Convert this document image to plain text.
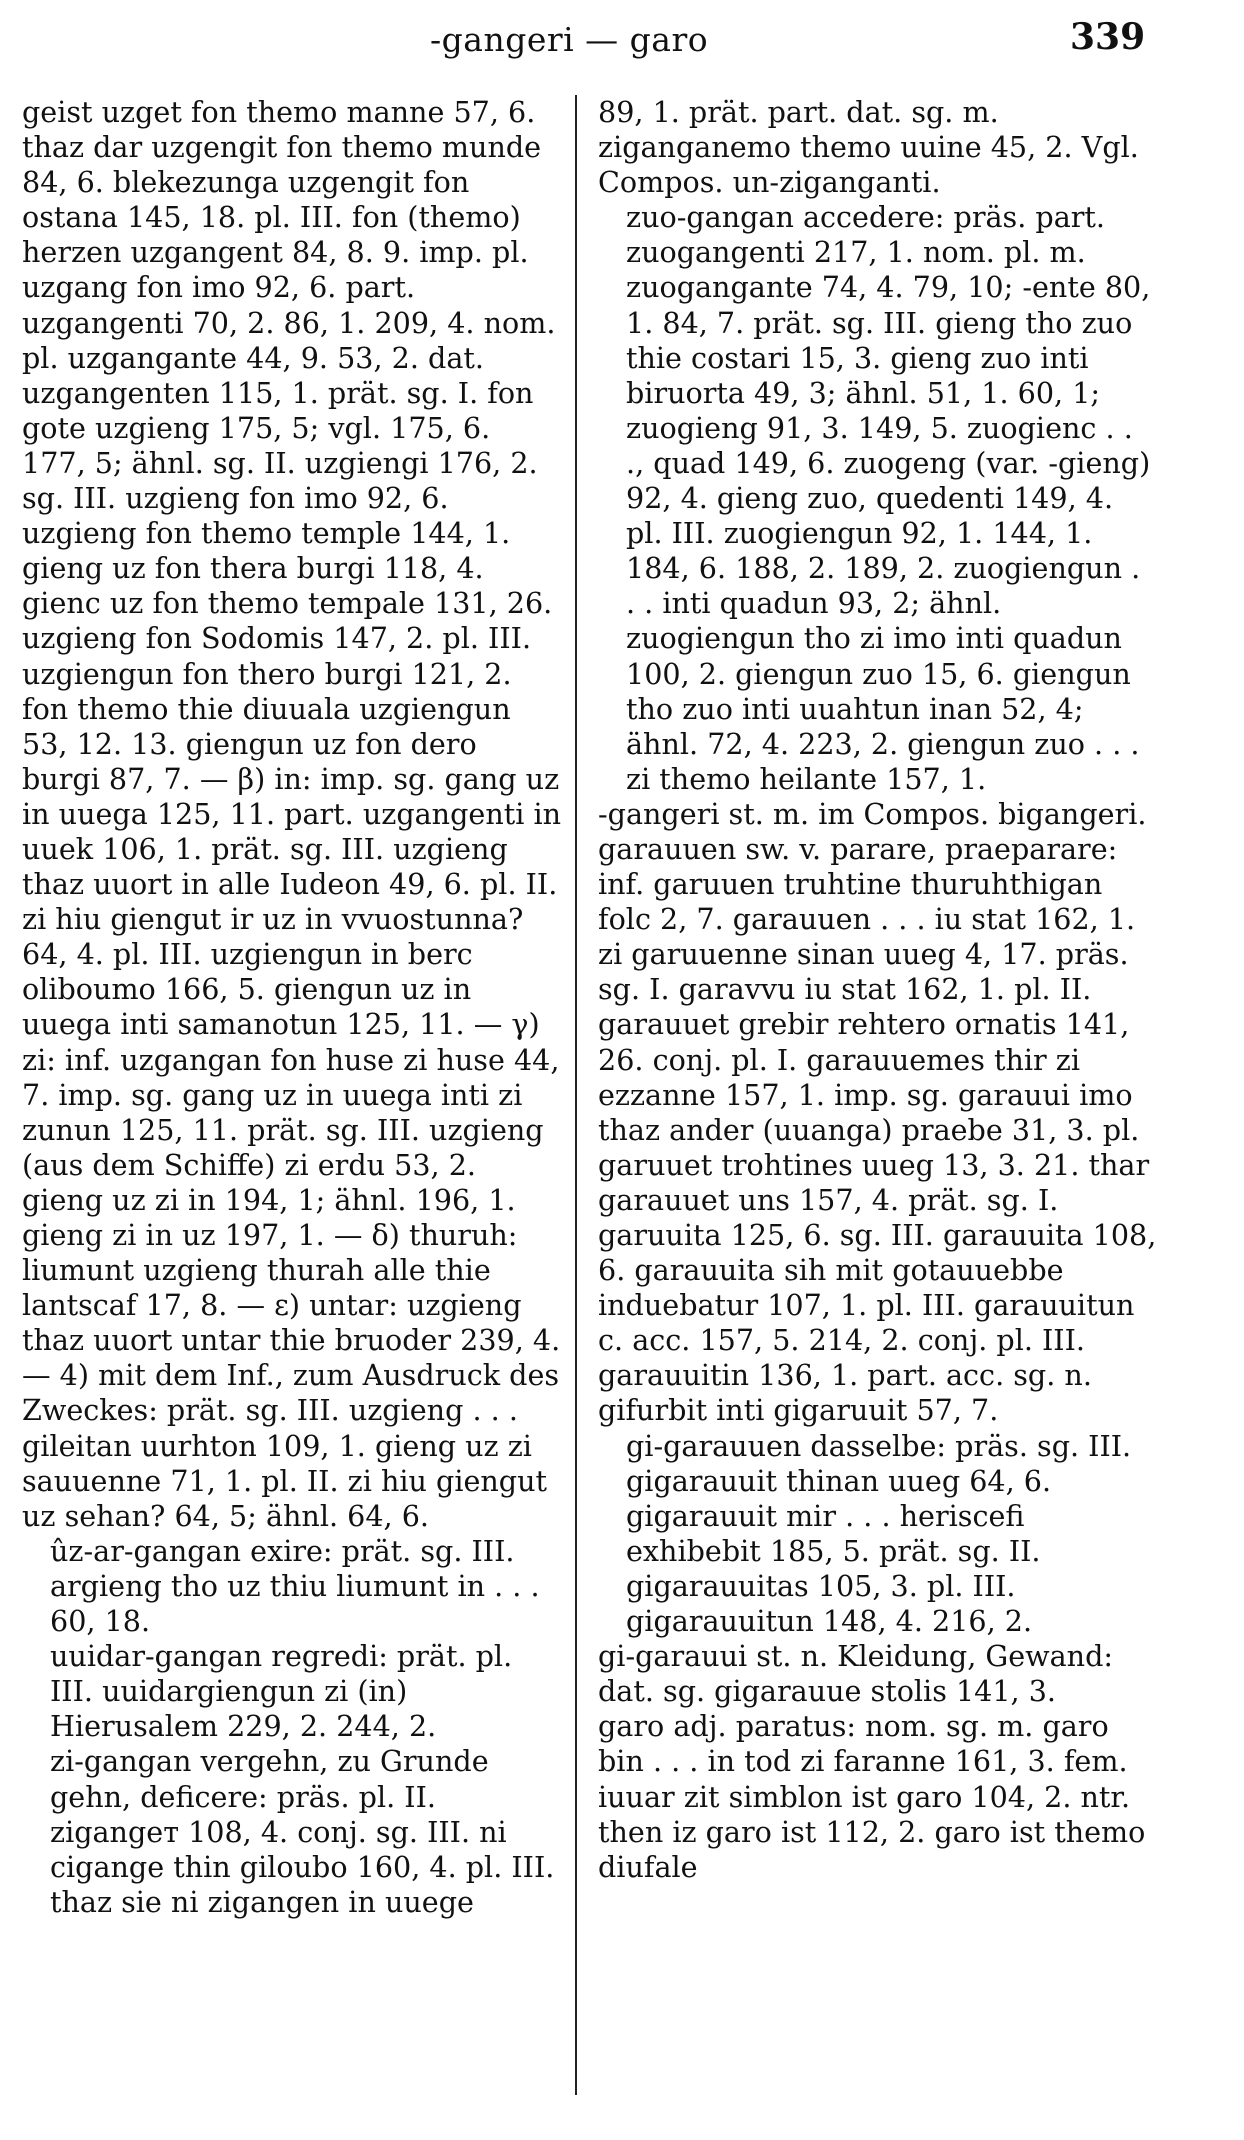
-gangeri — garo	339
geist uzget fon themo manne 57, 6. thaz dar uzgengit fon themo munde 84, 6. blekezunga uzgengit fon ostana 145, 18. pl. III. fon (themo) herzen uzgangent 84, 8. 9. imp. pl. uzgang fon imo 92, 6. part. uzgangenti 70, 2. 86, 1. 209, 4. nom. pl. uzgangante 44, 9. 53, 2. dat. uzgangenten 115, 1. prät. sg. I. fon gote uzgieng 175, 5; vgl. 175, 6. 177, 5; ähnl. sg. II. uzgiengi 176, 2. sg. III. uzgieng fon imo 92, 6. uzgieng fon themo temple 144, 1. gieng uz fon thera burgi 118, 4. gienc uz fon themo tempale 131, 26. uzgieng fon Sodomis 147, 2. pl. III. uzgiengun fon thero burgi 121, 2. fon themo thie diuuala uzgiengun 53, 12. 13. giengun uz fon dero burgi 87, 7. — β) in: imp. sg. gang uz in uuega 125, 11. part. uzgangenti in uuek 106, 1. prät. sg. III. uzgieng thaz uuort in alle Iudeon 49, 6. pl. II. zi hiu giengut ir uz in vvuostunna? 64, 4. pl. III. uzgiengun in berc oliboumo 166, 5. giengun uz in uuega inti samanotun 125, 11. — γ) zi: inf. uzgangan fon huse zi huse 44, 7. imp. sg. gang uz in uuega inti zi zunun 125, 11. prät. sg. III. uzgieng (aus dem Schiffe) zi erdu 53, 2. gieng uz zi in 194, 1; ähnl. 196, 1. gieng zi in uz 197, 1. — δ) thuruh: liumunt uzgieng thurah alle thie lantscaf 17, 8. — ε) untar: uzgieng thaz uuort untar thie bruoder 239, 4. — 4) mit dem Inf., zum Ausdruck des Zweckes: prät. sg. III. uzgieng . . . gileitan uurhton 109, 1. gieng uz zi sauuenne 71, 1. pl. II. zi hiu giengut uz sehan? 64, 5; ähnl. 64, 6.
ûz-ar-gangan exire: prät. sg. III. argieng tho uz thiu liumunt in . . . 60, 18.
uuidar-gangan regredi: prät. pl. III. uuidargiengun zi (in) Hierusalem 229, 2. 244, 2.
zi-gangan vergehn, zu Grunde gehn, deficere: präs. pl. II. zigangет 108, 4. conj. sg. III. ni cigange thin giloubo 160, 4. pl. III. thaz sie ni zigangen in uuege
89, 1. prät. part. dat. sg. m. ziganganemo themo uuine 45, 2. Vgl. Compos. un-ziganganti.
zuo-gangan accedere: präs. part. zuogangenti 217, 1. nom. pl. m. zuogangante 74, 4. 79, 10; -ente 80, 1. 84, 7. prät. sg. III. gieng tho zuo thie costari 15, 3. gieng zuo inti biruorta 49, 3; ähnl. 51, 1. 60, 1; zuogieng 91, 3. 149, 5. zuogienc . . ., quad 149, 6. zuogeng (var. -gieng) 92, 4. gieng zuo, quedenti 149, 4. pl. III. zuogiengun 92, 1. 144, 1. 184, 6. 188, 2. 189, 2. zuogiengun . . . inti quadun 93, 2; ähnl. zuogiengun tho zi imo inti quadun 100, 2. giengun zuo 15, 6. giengun tho zuo inti uuahtun inan 52, 4; ähnl. 72, 4. 223, 2. giengun zuo . . . zi themo heilante 157, 1.
-gangeri st. m. im Compos. bigangeri.
garauuen sw. v. parare, praeparare: inf. garuuen truhtine thuruhthigan folc 2, 7. garauuen . . . iu stat 162, 1. zi garuuenne sinan uueg 4, 17. präs. sg. I. garavvu iu stat 162, 1. pl. II. garauuet grebir rehtero ornatis 141, 26. conj. pl. I. garauuemes thir zi ezzanne 157, 1. imp. sg. garauui imo thaz ander (uuanga) praebe 31, 3. pl. garuuet trohtines uueg 13, 3. 21. thar garauuet uns 157, 4. prät. sg. I. garuuita 125, 6. sg. III. garauuita 108, 6. garauuita sih mit gotauuebbe induebatur 107, 1. pl. III. garauuitun c. acc. 157, 5. 214, 2. conj. pl. III. garauuitin 136, 1. part. acc. sg. n. gifurbit inti gigaruuit 57, 7.
gi-garauuen dasselbe: präs. sg. III. gigarauuit thinan uueg 64, 6. gigarauuit mir . . . heriscefi exhibebit 185, 5. prät. sg. II. gigarauuitas 105, 3. pl. III. gigarauuitun 148, 4. 216, 2.
gi-garauui st. n. Kleidung, Gewand: dat. sg. gigarauue stolis 141, 3.
garo adj. paratus: nom. sg. m. garo bin . . . in tod zi faranne 161, 3. fem. iuuar zit simblon ist garo 104, 2. ntr. then iz garo ist 112, 2. garo ist themo diufale
